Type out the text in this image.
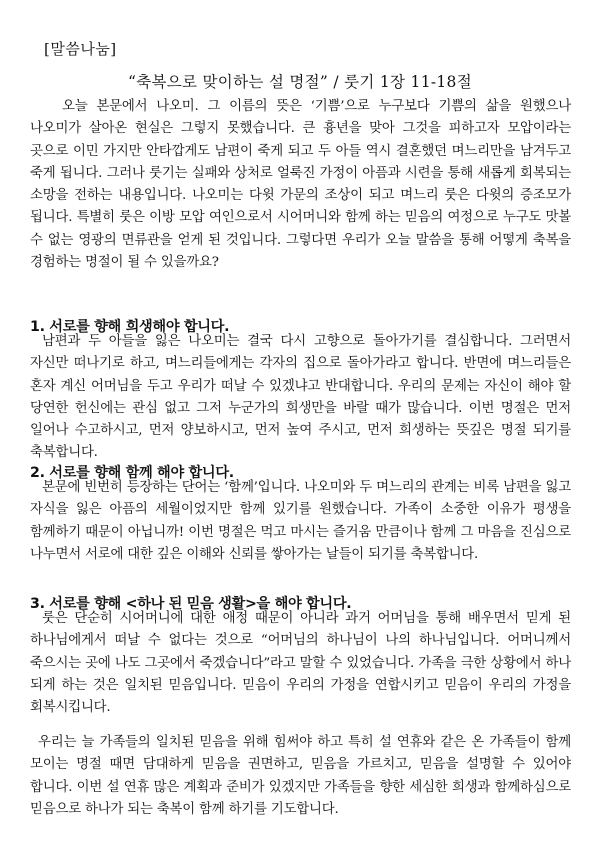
[말씀나눔]
“축복으로 맞이하는 설 명절” / 룻기 1장 11-18절

오늘 본문에서 나오미. 그 이름의 뜻은 ‘기쁨’으로 누구보다 기쁨의 삶을 원했으나 나오미가 살아온 현실은 그렇지 못했습니다. 큰 흉년을 맞아 그것을 피하고자 모압이라는 곳으로 이민 가지만 안타깝게도 남편이 죽게 되고 두 아들 역시 결혼했던 며느리만을 남겨두고 죽게 됩니다. 그러나 룻기는 실패와 상처로 얼룩진 가정이 아픔과 시련을 통해 새롭게 회복되는 소망을 전하는 내용입니다. 나오미는 다윗 가문의 조상이 되고 며느리 룻은 다윗의 증조모가 됩니다. 특별히 룻은 이방 모압 여인으로서 시어머니와 함께 하는 믿음의 여정으로 누구도 맛볼 수 없는 영광의 면류관을 얻게 된 것입니다. 그렇다면 우리가 오늘 말씀을 통해 어떻게 축복을 경험하는 명절이 될 수 있을까요?

1. 서로를 향해 희생해야 합니다.

남편과 두 아들을 잃은 나오미는 결국 다시 고향으로 돌아가기를 결심합니다. 그러면서 자신만 떠나기로 하고, 며느리들에게는 각자의 집으로 돌아가라고 합니다. 반면에 며느리들은 혼자 계신 어머님을 두고 우리가 떠날 수 있겠냐고 반대합니다. 우리의 문제는 자신이 해야 할 당연한 헌신에는 관심 없고 그저 누군가의 희생만을 바랄 때가 많습니다. 이번 명절은 먼저 일어나 수고하시고, 먼저 양보하시고, 먼저 높여 주시고, 먼저 희생하는 뜻깊은 명절 되기를 축복합니다.

2. 서로를 향해 함께 해야 합니다.

본문에 빈번히 등장하는 단어는 ‘함께’입니다. 나오미와 두 며느리의 관계는 비록 남편을 잃고 자식을 잃은 아픔의 세월이었지만 함께 있기를 원했습니다. 가족이 소중한 이유가 평생을 함께하기 때문이 아닙니까! 이번 명절은 먹고 마시는 즐거움 만큼이나 함께 그 마음을 진심으로 나누면서 서로에 대한 깊은 이해와 신뢰를 쌓아가는 날들이 되기를 축복합니다.

3. 서로를 향해 <하나 된 믿음 생활>을 해야 합니다.

룻은 단순히 시어머니에 대한 애정 때문이 아니라 과거 어머님을 통해 배우면서 믿게 된 하나님에게서 떠날 수 없다는 것으로 “어머님의 하나님이 나의 하나님입니다. 어머니께서 죽으시는 곳에 나도 그곳에서 죽겠습니다”라고 말할 수 있었습니다. 가족을 극한 상황에서 하나 되게 하는 것은 일치된 믿음입니다. 믿음이 우리의 가정을 연합시키고 믿음이 우리의 가정을 회복시킵니다.

우리는 늘 가족들의 일치된 믿음을 위해 힘써야 하고 특히 설 연휴와 같은 온 가족들이 함께 모이는 명절 때면 담대하게 믿음을 권면하고, 믿음을 가르치고, 믿음을 설명할 수 있어야 합니다. 이번 설 연휴 많은 계획과 준비가 있겠지만 가족들을 향한 세심한 희생과 함께하심으로 믿음으로 하나가 되는 축복이 함께 하기를 기도합니다.
